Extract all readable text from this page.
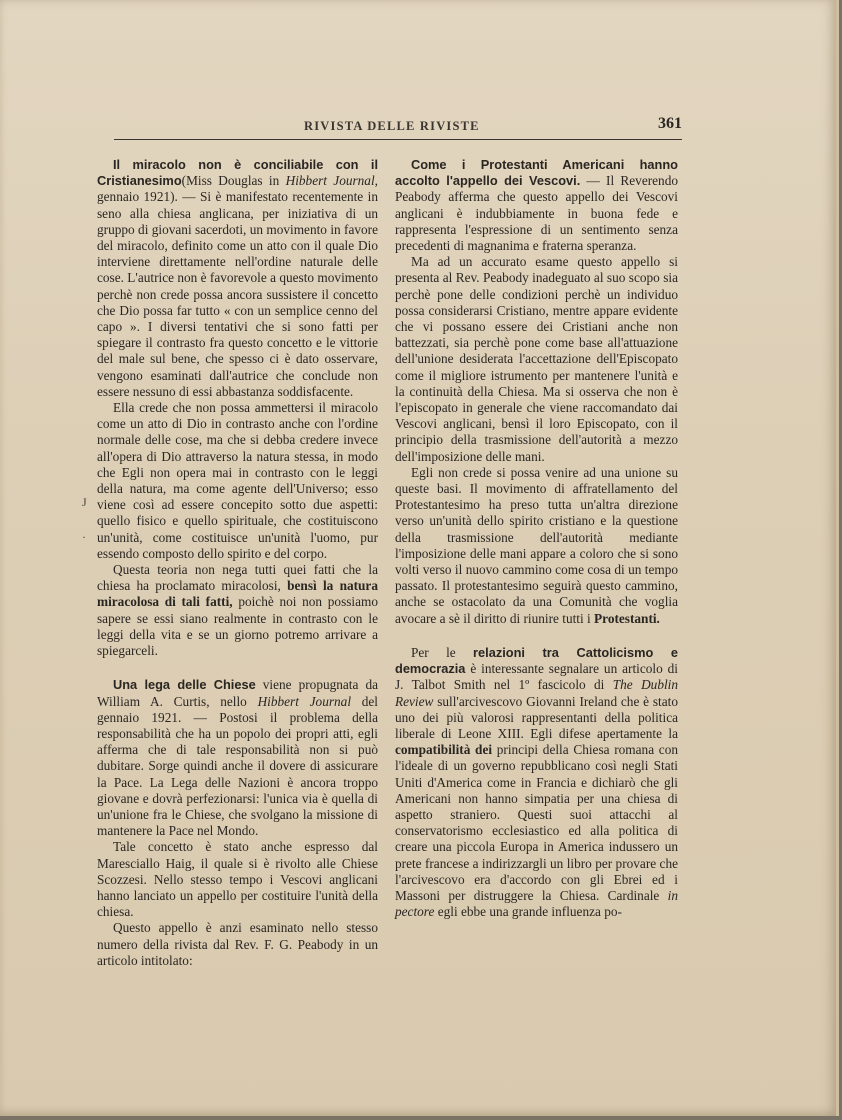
RIVISTA DELLE RIVISTE	361
J
·

Il miracolo non è conciliabile con il Cristianesimo(Miss Douglas in Hibbert Journal, gennaio 1921). — Si è manifestato recentemente in seno alla chiesa anglicana, per iniziativa di un gruppo di giovani sacerdoti, un movimento in favore del miracolo, definito come un atto con il quale Dio interviene direttamente nell'ordine naturale delle cose. L'autrice non è favorevole a questo movimento perchè non crede possa ancora sussistere il concetto che Dio possa far tutto « con un semplice cenno del capo ». I diversi tentativi che si sono fatti per spiegare il contrasto fra questo concetto e le vittorie del male sul bene, che spesso ci è dato osservare, vengono esaminati dall'autrice che conclude non essere nessuno di essi abbastanza soddisfacente.

Ella crede che non possa ammettersi il miracolo come un atto di Dio in contrasto anche con l'ordine normale delle cose, ma che si debba credere invece all'opera di Dio attraverso la natura stessa, in modo che Egli non opera mai in contrasto con le leggi della natura, ma come agente dell'Universo; esso viene così ad essere concepito sotto due aspetti: quello fisico e quello spirituale, che costituiscono un'unità, come costituisce un'unità l'uomo, pur essendo composto dello spirito e del corpo.

Questa teoria non nega tutti quei fatti che la chiesa ha proclamato miracolosi, bensì la natura miracolosa di tali fatti, poichè noi non possiamo sapere se essi siano realmente in contrasto con le leggi della vita e se un giorno potremo arrivare a spiegarceli.

Una lega delle Chiese viene propugnata da William A. Curtis, nello Hibbert Journal del gennaio 1921. — Postosi il problema della responsabilità che ha un popolo dei propri atti, egli afferma che di tale responsabilità non si può dubitare. Sorge quindi anche il dovere di assicurare la Pace. La Lega delle Nazioni è ancora troppo giovane e dovrà perfezionarsi: l'unica via è quella di un'unione fra le Chiese, che svolgano la missione di mantenere la Pace nel Mondo.

Tale concetto è stato anche espresso dal Maresciallo Haig, il quale si è rivolto alle Chiese Scozzesi. Nello stesso tempo i Vescovi anglicani hanno lanciato un appello per costituire l'unità della chiesa.

Questo appello è anzi esaminato nello stesso numero della rivista dal Rev. F. G. Peabody in un articolo intitolato:

Come i Protestanti Americani hanno accolto l'appello dei Vescovi. — Il Reverendo Peabody afferma che questo appello dei Vescovi anglicani è indubbiamente in buona fede e rappresenta l'espressione di un sentimento senza precedenti di magnanima e fraterna speranza.

Ma ad un accurato esame questo appello si presenta al Rev. Peabody inadeguato al suo scopo sia perchè pone delle condizioni perchè un individuo possa considerarsi Cristiano, mentre appare evidente che vi possano essere dei Cristiani anche non battezzati, sia perchè pone come base all'attuazione dell'unione desiderata l'accettazione dell'Episcopato come il migliore istrumento per mantenere l'unità e la continuità della Chiesa. Ma si osserva che non è l'episcopato in generale che viene raccomandato dai Vescovi anglicani, bensì il loro Episcopato, con il principio della trasmissione dell'autorità a mezzo dell'imposizione delle mani.

Egli non crede si possa venire ad una unione su queste basi. Il movimento di affratellamento del Protestantesimo ha preso tutta un'altra direzione verso un'unità dello spirito cristiano e la questione della trasmissione dell'autorità mediante l'imposizione delle mani appare a coloro che si sono volti verso il nuovo cammino come cosa di un tempo passato. Il protestantesimo seguirà questo cammino, anche se ostacolato da una Comunità che voglia avocare a sè il diritto di riunire tutti i Protestanti.

Per le relazioni tra Cattolicismo e democrazia è interessante segnalare un articolo di J. Talbot Smith nel 1º fascicolo di The Dublin Review sull'arcivescovo Giovanni Ireland che è stato uno dei più valorosi rappresentanti della politica liberale di Leone XIII. Egli difese apertamente la compatibilità dei principi della Chiesa romana con l'ideale di un governo repubblicano così negli Stati Uniti d'America come in Francia e dichiarò che gli Americani non hanno simpatia per una chiesa di aspetto straniero. Questi suoi attacchi al conservatorismo ecclesiastico ed alla politica di creare una piccola Europa in America indussero un prete francese a indirizzargli un libro per provare che l'arcivescovo era d'accordo con gli Ebrei ed i Massoni per distruggere la Chiesa. Cardinale in pectore egli ebbe una grande influenza po-
